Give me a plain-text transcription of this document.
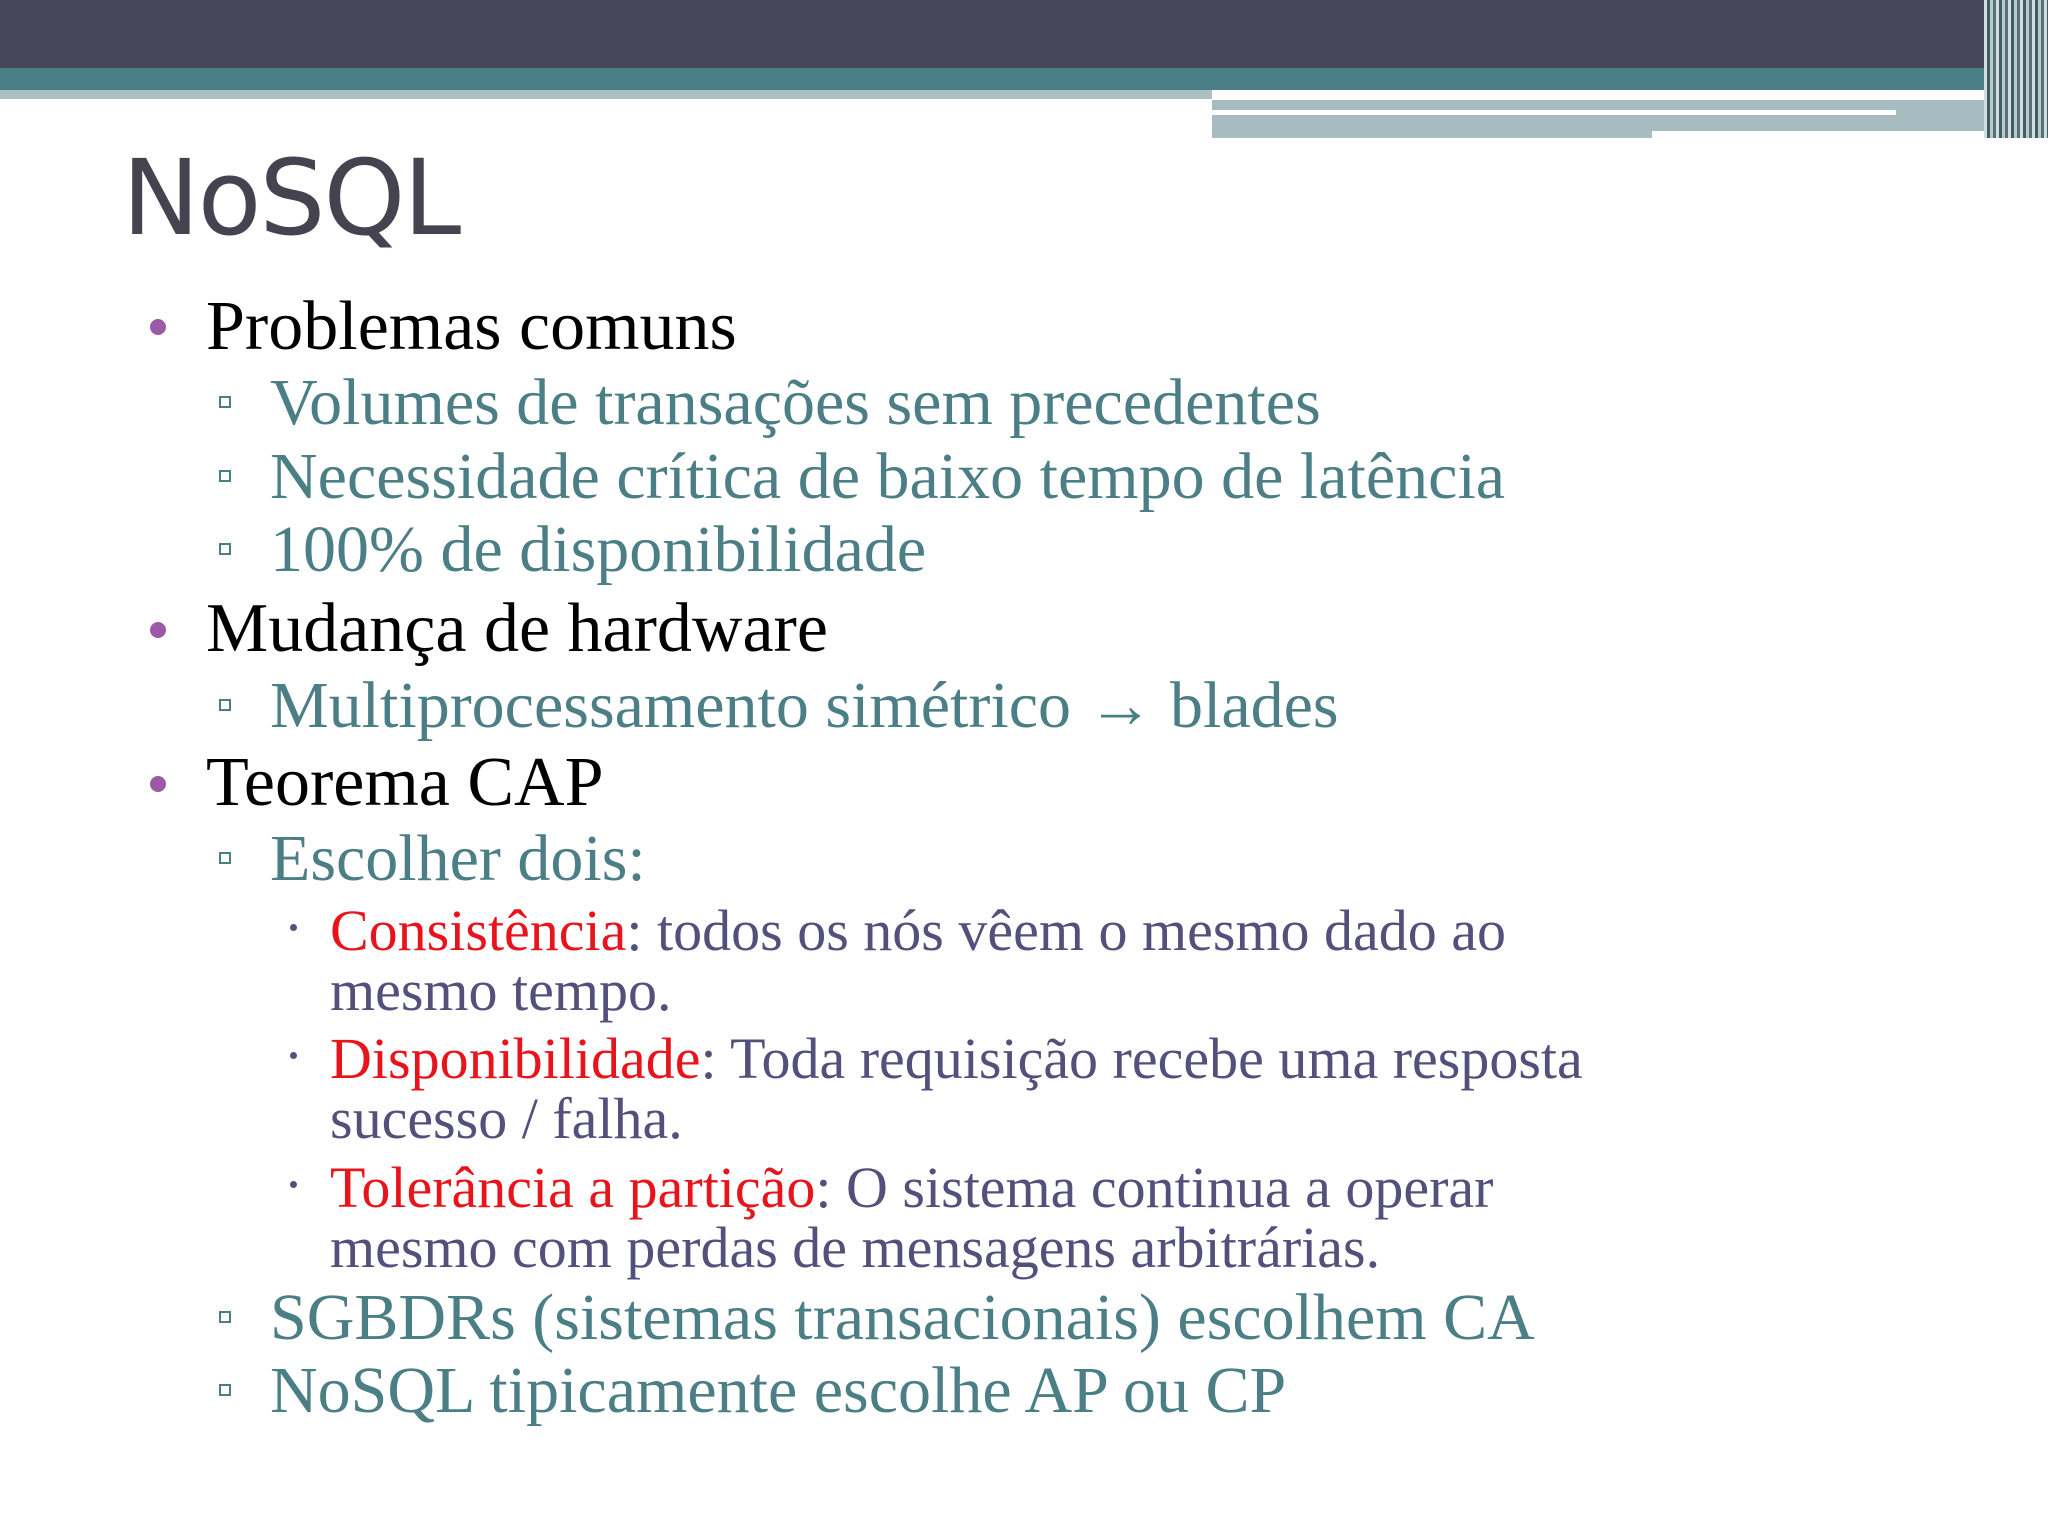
NoSQL
Problemas comuns
Volumes de transações sem precedentes
Necessidade crítica de baixo tempo de latência
100% de disponibilidade
Mudança de hardware
Multiprocessamento simétrico → blades
Teorema CAP
Escolher dois:
Consistência: todos os nós vêem o mesmo dado ao
mesmo tempo.
Disponibilidade: Toda requisição recebe uma resposta
sucesso / falha.
Tolerância a partição: O sistema continua a operar
mesmo com perdas de mensagens arbitrárias.
SGBDRs (sistemas transacionais) escolhem CA
NoSQL tipicamente escolhe AP ou CP
